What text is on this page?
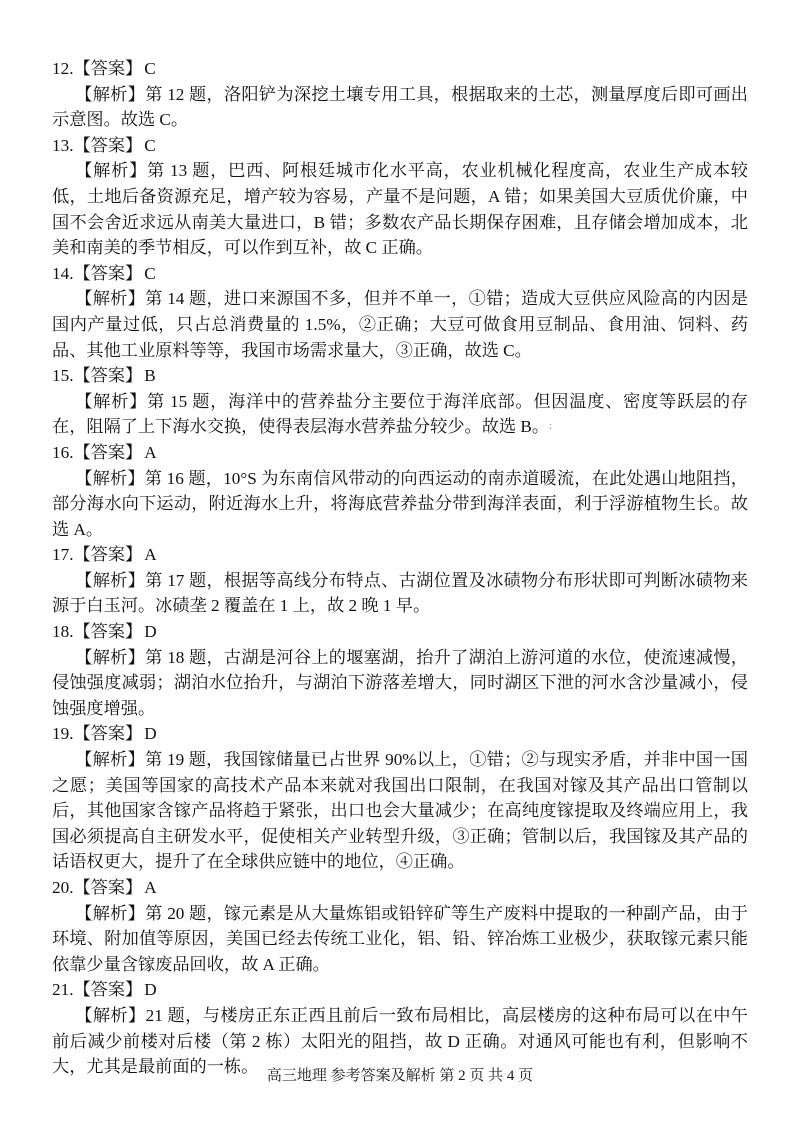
12.【答案】 C

【解析】第 12 题，洛阳铲为深挖土壤专用工具，根据取来的土芯，测量厚度后即可画出示意图。故选 C。

13.【答案】 C

【解析】第 13 题，巴西、阿根廷城市化水平高，农业机械化程度高，农业生产成本较低，土地后备资源充足，增产较为容易，产量不是问题，A 错；如果美国大豆质优价廉，中国不会舍近求远从南美大量进口，B 错；多数农产品长期保存困难，且存储会增加成本，北美和南美的季节相反，可以作到互补，故 C 正确。

14.【答案】 C

【解析】第 14 题，进口来源国不多，但并不单一，①错；造成大豆供应风险高的内因是国内产量过低，只占总消费量的 1.5%，②正确；大豆可做食用豆制品、食用油、饲料、药品、其他工业原料等等，我国市场需求量大，③正确，故选 C。

15.【答案】 B

【解析】第 15 题，海洋中的营养盐分主要位于海洋底部。但因温度、密度等跃层的存在，阻隔了上下海水交换，使得表层海水营养盐分较少。故选 B。:

16.【答案】 A

【解析】第 16 题，10°S 为东南信风带动的向西运动的南赤道暖流，在此处遇山地阻挡，部分海水向下运动，附近海水上升，将海底营养盐分带到海洋表面，利于浮游植物生长。故选 A。

17.【答案】 A

【解析】第 17 题，根据等高线分布特点、古湖位置及冰碛物分布形状即可判断冰碛物来源于白玉河。冰碛垄 2 覆盖在 1 上，故 2 晚 1 早。

18.【答案】 D

【解析】第 18 题，古湖是河谷上的堰塞湖，抬升了湖泊上游河道的水位，使流速减慢，侵蚀强度减弱；湖泊水位抬升，与湖泊下游落差增大，同时湖区下泄的河水含沙量减小，侵蚀强度增强。

19.【答案】 D

【解析】第 19 题，我国镓储量已占世界 90%以上，①错；②与现实矛盾，并非中国一国之愿；美国等国家的高技术产品本来就对我国出口限制，在我国对镓及其产品出口管制以后，其他国家含镓产品将趋于紧张，出口也会大量减少；在高纯度镓提取及终端应用上，我国必须提高自主研发水平，促使相关产业转型升级，③正确；管制以后，我国镓及其产品的话语权更大，提升了在全球供应链中的地位，④正确。

20.【答案】 A

【解析】第 20 题，镓元素是从大量炼铝或铅锌矿等生产废料中提取的一种副产品，由于环境、附加值等原因，美国已经去传统工业化，铝、铅、锌冶炼工业极少，获取镓元素只能依靠少量含镓废品回收，故 A 正确。

21.【答案】 D

【解析】21 题，与楼房正东正西且前后一致布局相比，高层楼房的这种布局可以在中午前后减少前楼对后楼（第 2 栋）太阳光的阻挡，故 D 正确。对通风可能也有利，但影响不大，尤其是最前面的一栋。 高三地理 参考答案及解析 第 2 页 共 4 页
